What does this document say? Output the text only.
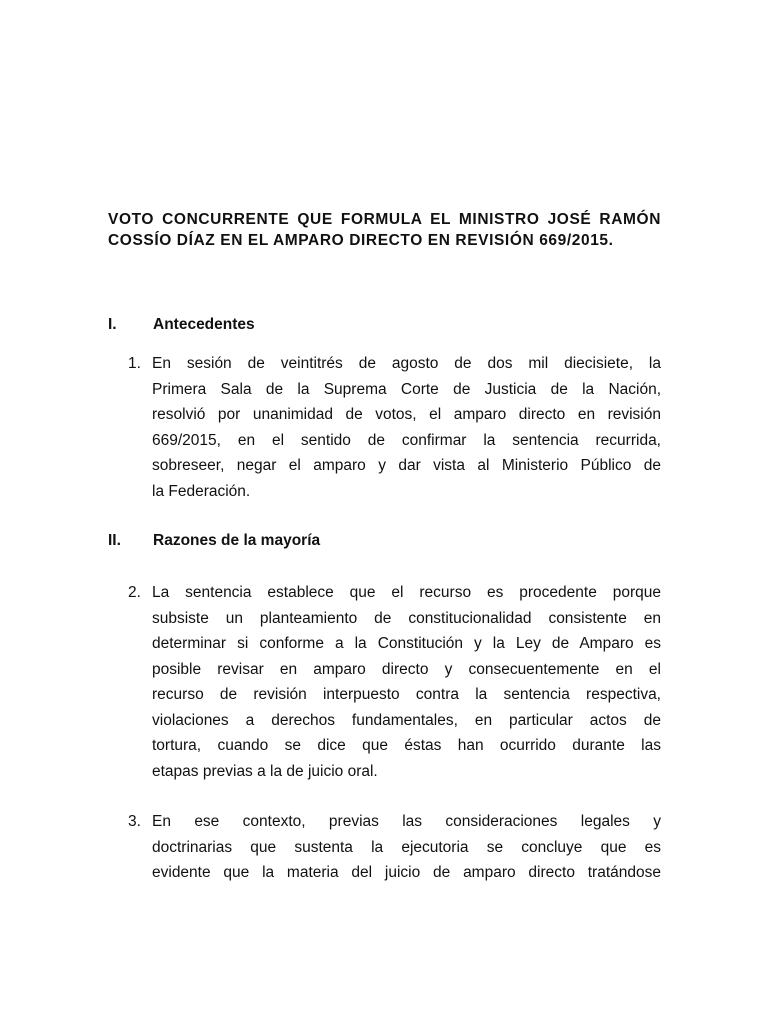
VOTO CONCURRENTE QUE FORMULA EL MINISTRO JOSÉ RAMÓN COSSÍO DÍAZ EN EL AMPARO DIRECTO EN REVISIÓN 669/2015.
I. Antecedentes
1. En sesión de veintitrés de agosto de dos mil diecisiete, la
Primera Sala de la Suprema Corte de Justicia de la Nación,
resolvió por unanimidad de votos, el amparo directo en revisión
669/2015, en el sentido de confirmar la sentencia recurrida,
sobreseer, negar el amparo y dar vista al Ministerio Público de
la Federación.
II. Razones de la mayoría
2. La sentencia establece que el recurso es procedente porque
subsiste un planteamiento de constitucionalidad consistente en
determinar si conforme a la Constitución y la Ley de Amparo es
posible revisar en amparo directo y consecuentemente en el
recurso de revisión interpuesto contra la sentencia respectiva,
violaciones a derechos fundamentales, en particular actos de
tortura, cuando se dice que éstas han ocurrido durante las
etapas previas a la de juicio oral.
3. En ese contexto, previas las consideraciones legales y
doctrinarias que sustenta la ejecutoria se concluye que es
evidente que la materia del juicio de amparo directo tratándose
